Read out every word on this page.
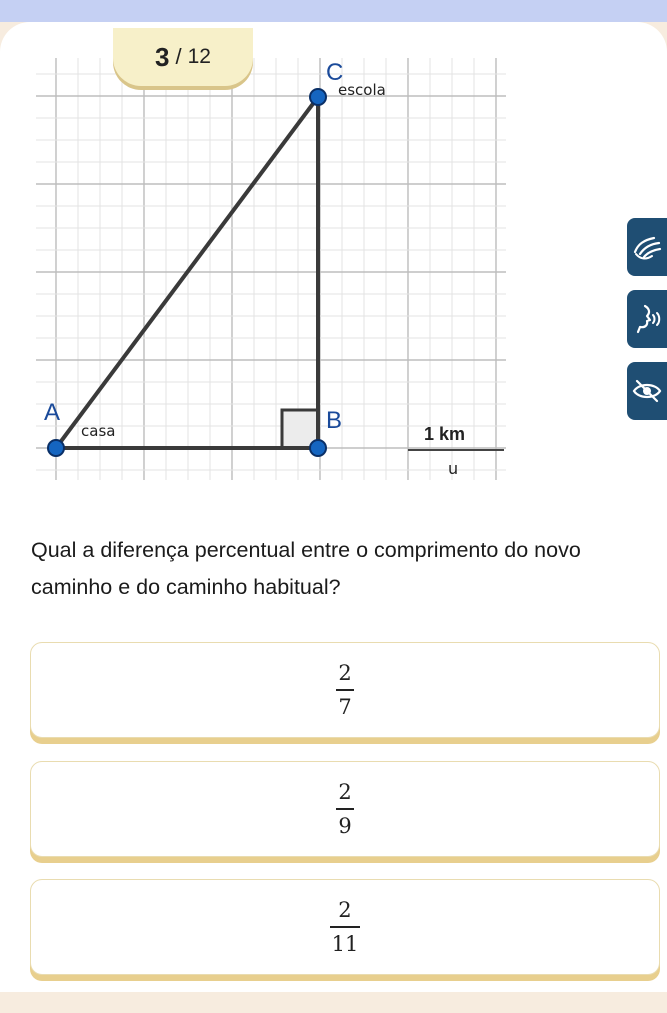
3 / 12
A
casa	B
C
escola
1 km
u

Qual a diferença percentual entre o comprimento do novo caminho e do caminho habitual?

$\frac{2}{7}$
$\frac{2}{9}$
$\frac{2}{11}$
